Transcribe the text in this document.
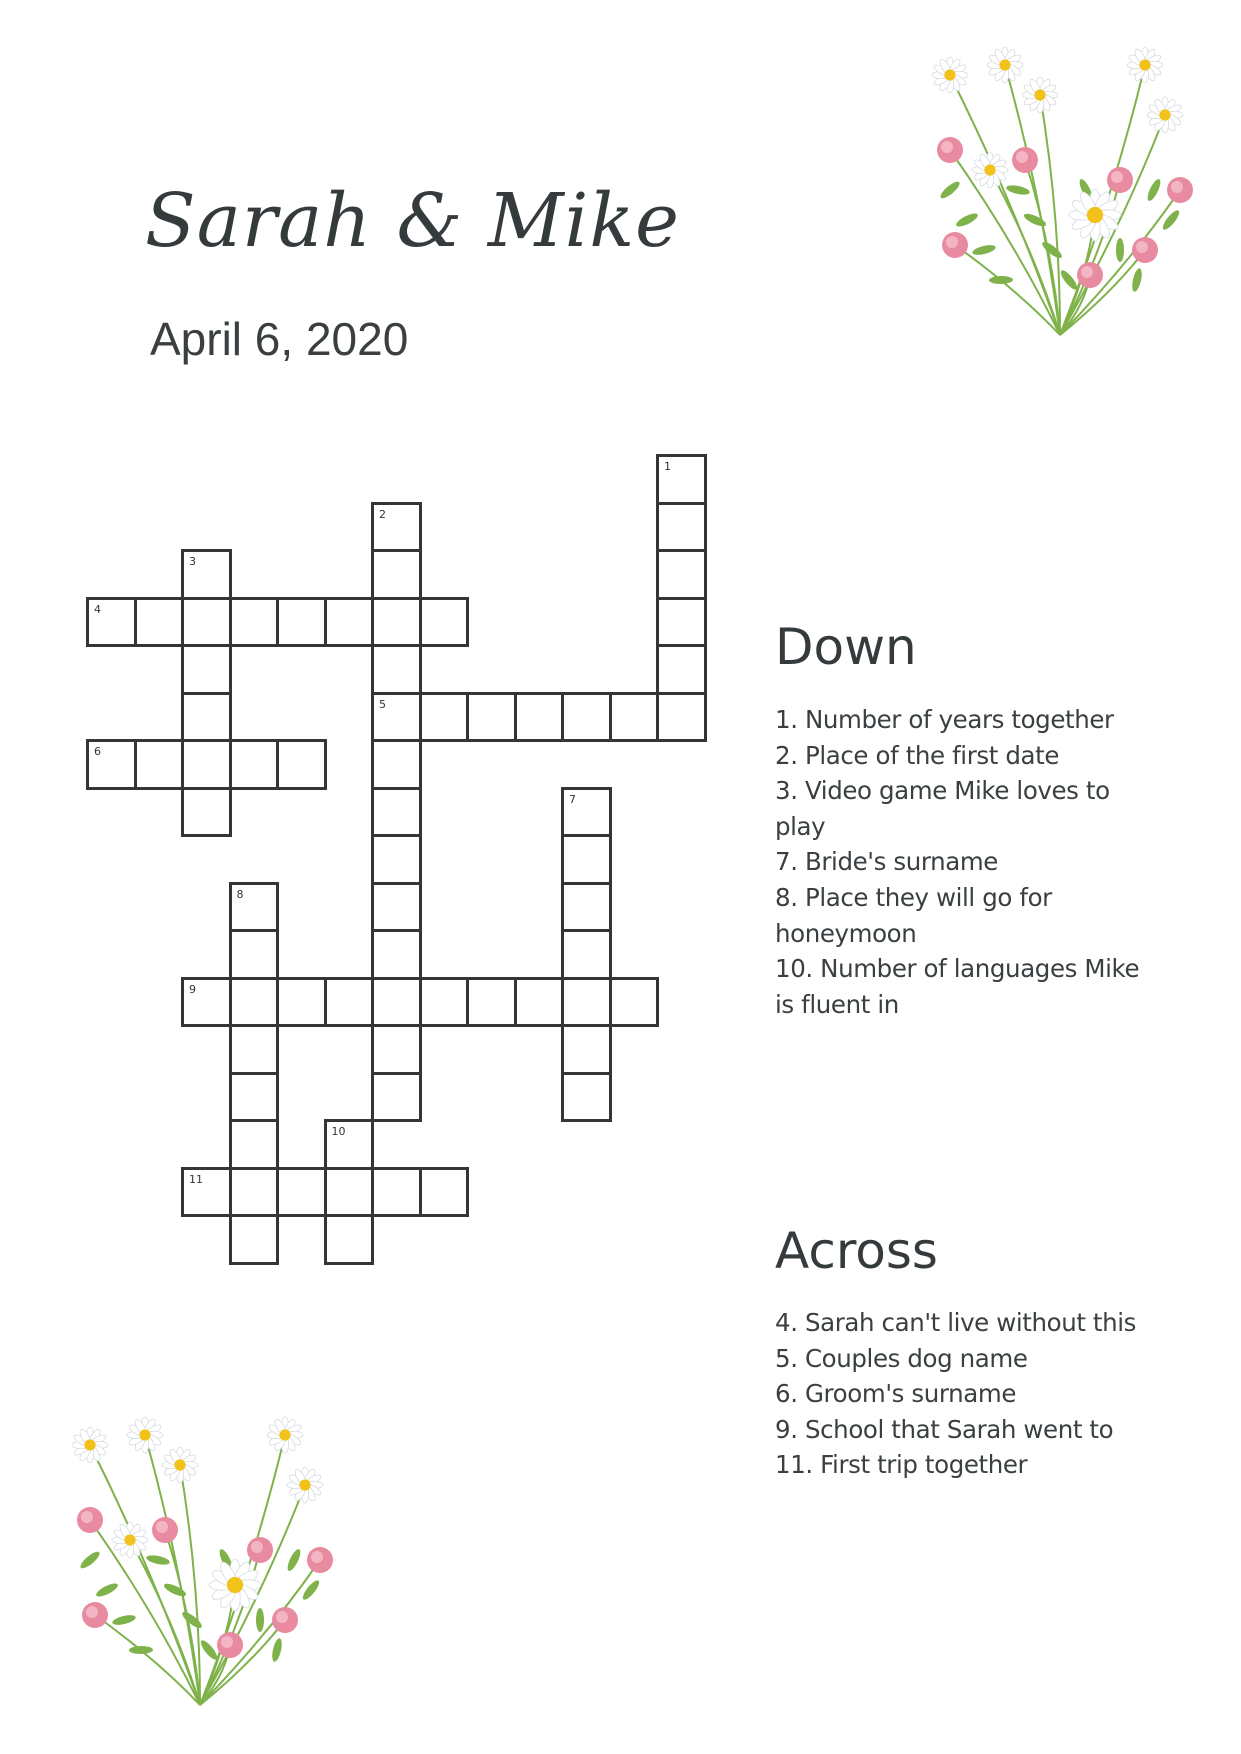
Sarah & Mike
April 6, 2020
1
2
5
3
4
6
7
8
9
10
11
Down
1. Number of years together
2. Place of the first date
3. Video game Mike loves to play
7. Bride's surname
8. Place they will go for honeymoon
10. Number of languages Mike is fluent in
Across
4. Sarah can't live without this
5. Couples dog name
6. Groom's surname
9. School that Sarah went to
11. First trip together
